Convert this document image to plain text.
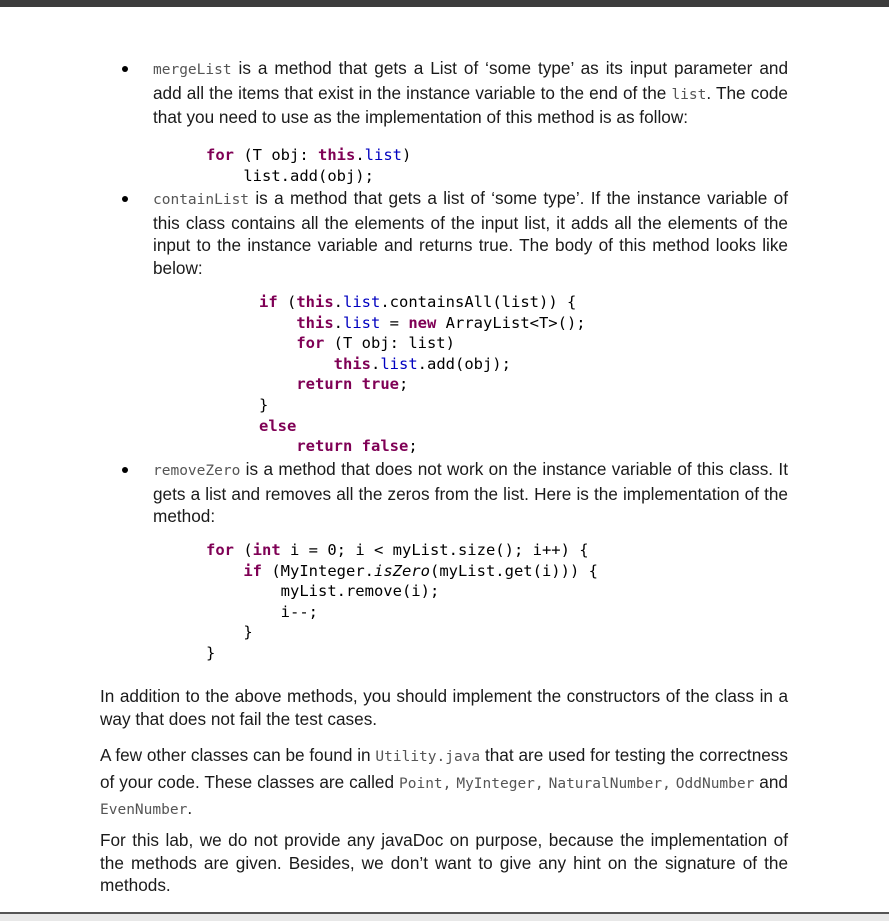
mergeList is a method that gets a List of ‘some type’ as its input parameter and add all the items that exist in the instance variable to the end of the list. The code that you need to use as the implementation of this method is as follow:

for (T obj: this.list)
list.add(obj);

containList is a method that gets a list of ‘some type’. If the instance variable of this class contains all the elements of the input list, it adds all the elements of the input to the instance variable and returns true. The body of this method looks like below:

if (this.list.containsAll(list)) {
this.list = new ArrayList<T>();
for (T obj: list)
this.list.add(obj);
return true;
}
else
return false;

removeZero is a method that does not work on the instance variable of this class. It gets a list and removes all the zeros from the list. Here is the implementation of the method:

for (int i = 0; i < myList.size(); i++) {
if (MyInteger.isZero(myList.get(i))) {
myList.remove(i);
i--;
}
}

In addition to the above methods, you should implement the constructors of the class in a way that does not fail the test cases.

A few other classes can be found in Utility.java that are used for testing the correctness of your code. These classes are called Point, MyInteger, NaturalNumber, OddNumber and EvenNumber.

For this lab, we do not provide any javaDoc on purpose, because the implementation of the methods are given. Besides, we don’t want to give any hint on the signature of the methods.
